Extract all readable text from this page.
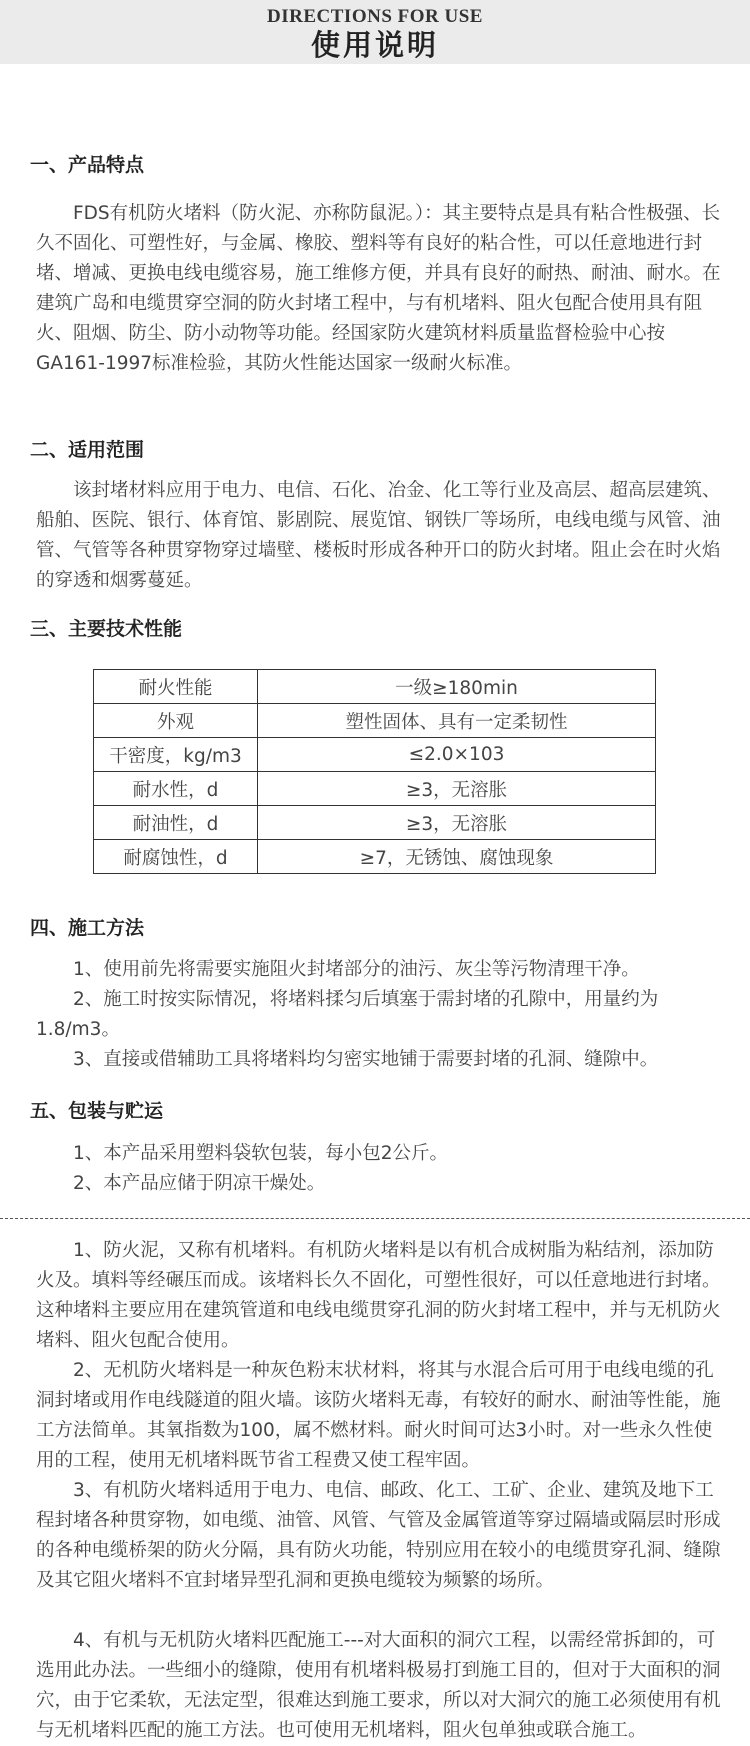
DIRECTIONS FOR USE
使用说明
一、产品特点

FDS有机防火堵料（防火泥、亦称防鼠泥。）：其主要特点是具有粘合性极强、长久不固化、可塑性好，与金属、橡胶、塑料等有良好的粘合性，可以任意地进行封堵、增减、更换电线电缆容易，施工维修方便，并具有良好的耐热、耐油、耐水。在建筑广岛和电缆贯穿空洞的防火封堵工程中，与有机堵料、阻火包配合使用具有阻火、阻烟、防尘、防小动物等功能。经国家防火建筑材料质量监督检验中心按GA161-1997标准检验，其防火性能达国家一级耐火标准。

二、适用范围

该封堵材料应用于电力、电信、石化、冶金、化工等行业及高层、超高层建筑、船舶、医院、银行、体育馆、影剧院、展览馆、钢铁厂等场所，电线电缆与风管、油管、气管等各种贯穿物穿过墙壁、楼板时形成各种开口的防火封堵。阻止会在时火焰的穿透和烟雾蔓延。

三、主要技术性能
耐火性能	一级≥180min
外观	塑性固体、具有一定柔韧性
干密度，kg/m3	≤2.0×103
耐水性，d	≥3，无溶胀
耐油性，d	≥3，无溶胀
耐腐蚀性，d	≥7，无锈蚀、腐蚀现象
四、施工方法

1、使用前先将需要实施阻火封堵部分的油污、灰尘等污物清理干净。

2、施工时按实际情况，将堵料揉匀后填塞于需封堵的孔隙中，用量约为1.8/m3。

3、直接或借辅助工具将堵料均匀密实地铺于需要封堵的孔洞、缝隙中。

五、包装与贮运

1、本产品采用塑料袋软包装，每小包2公斤。

2、本产品应储于阴凉干燥处。

1、防火泥，又称有机堵料。有机防火堵料是以有机合成树脂为粘结剂，添加防火及。填料等经碾压而成。该堵料长久不固化，可塑性很好，可以任意地进行封堵。这种堵料主要应用在建筑管道和电线电缆贯穿孔洞的防火封堵工程中，并与无机防火堵料、阻火包配合使用。

2、无机防火堵料是一种灰色粉末状材料，将其与水混合后可用于电线电缆的孔洞封堵或用作电线隧道的阻火墙。该防火堵料无毒，有较好的耐水、耐油等性能，施工方法简单。其氧指数为100，属不燃材料。耐火时间可达3小时。对一些永久性使用的工程，使用无机堵料既节省工程费又使工程牢固。

3、有机防火堵料适用于电力、电信、邮政、化工、工矿、企业、建筑及地下工程封堵各种贯穿物，如电缆、油管、风管、气管及金属管道等穿过隔墙或隔层时形成的各种电缆桥架的防火分隔，具有防火功能，特别应用在较小的电缆贯穿孔洞、缝隙及其它阻火堵料不宜封堵异型孔洞和更换电缆较为频繁的场所。

4、有机与无机防火堵料匹配施工---对大面积的洞穴工程，以需经常拆卸的，可选用此办法。一些细小的缝隙，使用有机堵料极易打到施工目的，但对于大面积的洞穴，由于它柔软，无法定型，很难达到施工要求，所以对大洞穴的施工必须使用有机与无机堵料匹配的施工方法。也可使用无机堵料，阻火包单独或联合施工。
